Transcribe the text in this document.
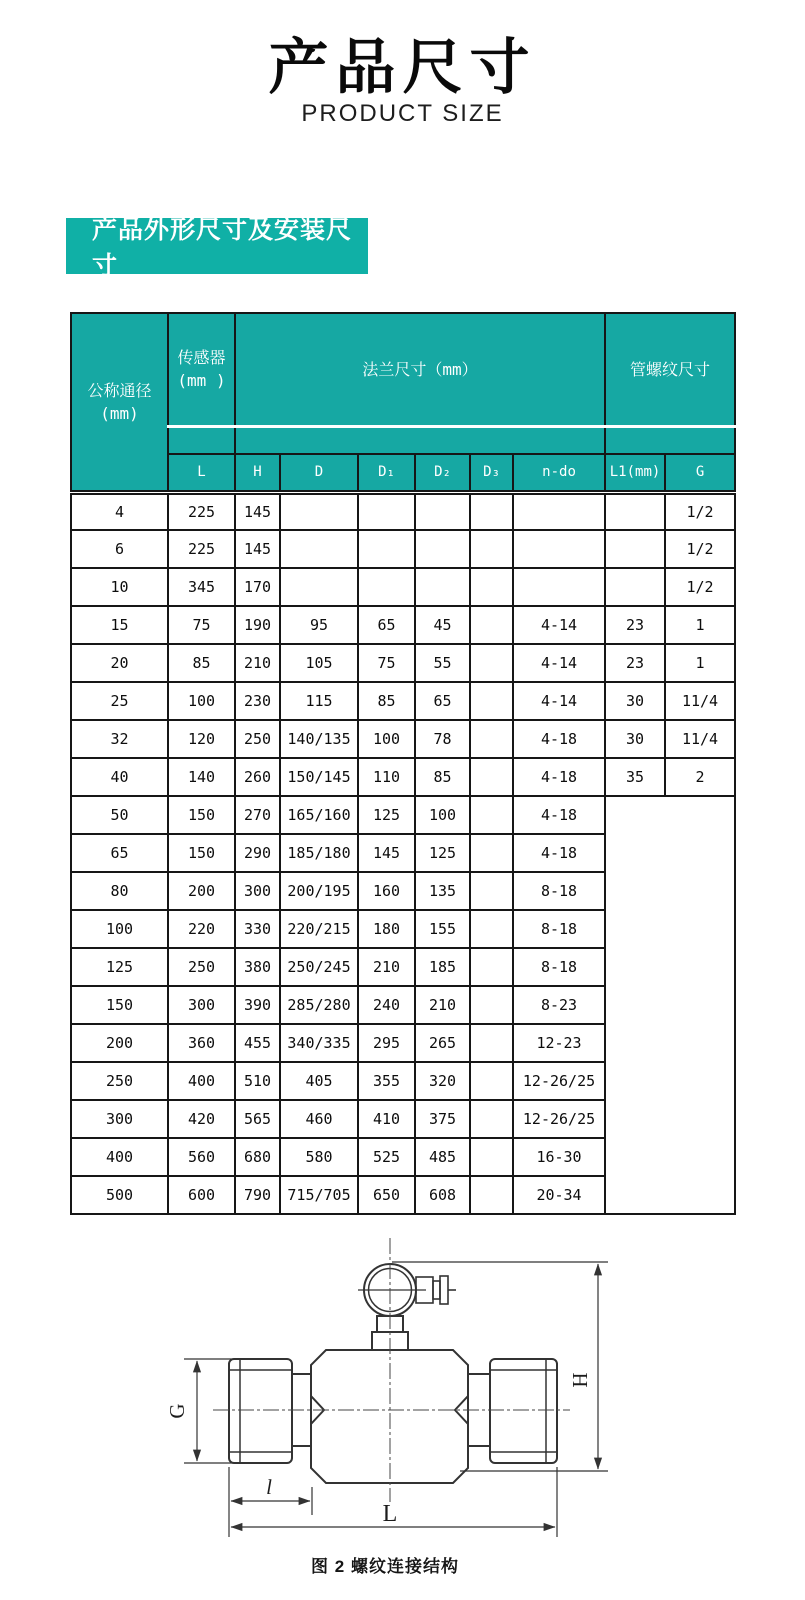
产品尺寸
PRODUCT SIZE
产品外形尺寸及安装尺寸
公称通径
(mm)	传感器
(mm )	法兰尺寸（mm）						管螺纹尺寸	

	L	H	D	D₁	D₂	D₃	n-do	L1(mm)	G
4	225	145							1/2
6	225	145							1/2
10	345	170							1/2
15	75	190	95	65	45		4-14	23	1
20	85	210	105	75	55		4-14	23	1
25	100	230	115	85	65		4-14	30	11/4
32	120	250	140/135	100	78		4-18	30	11/4
40	140	260	150/145	110	85		4-18	35	2
50	150	270	165/160	125	100		4-18		
65	150	290	185/180	145	125		4-18		
80	200	300	200/195	160	135		8-18		
100	220	330	220/215	180	155		8-18		
125	250	380	250/245	210	185		8-18		
150	300	390	285/280	240	210		8-23		
200	360	455	340/335	295	265		12-23		
250	400	510	405	355	320		12-26/25		
300	420	565	460	410	375		12-26/25		
400	560	680	580	525	485		16-30		
500	600	790	715/705	650	608		20-34		
G
l
L
H
图 2 螺纹连接结构
